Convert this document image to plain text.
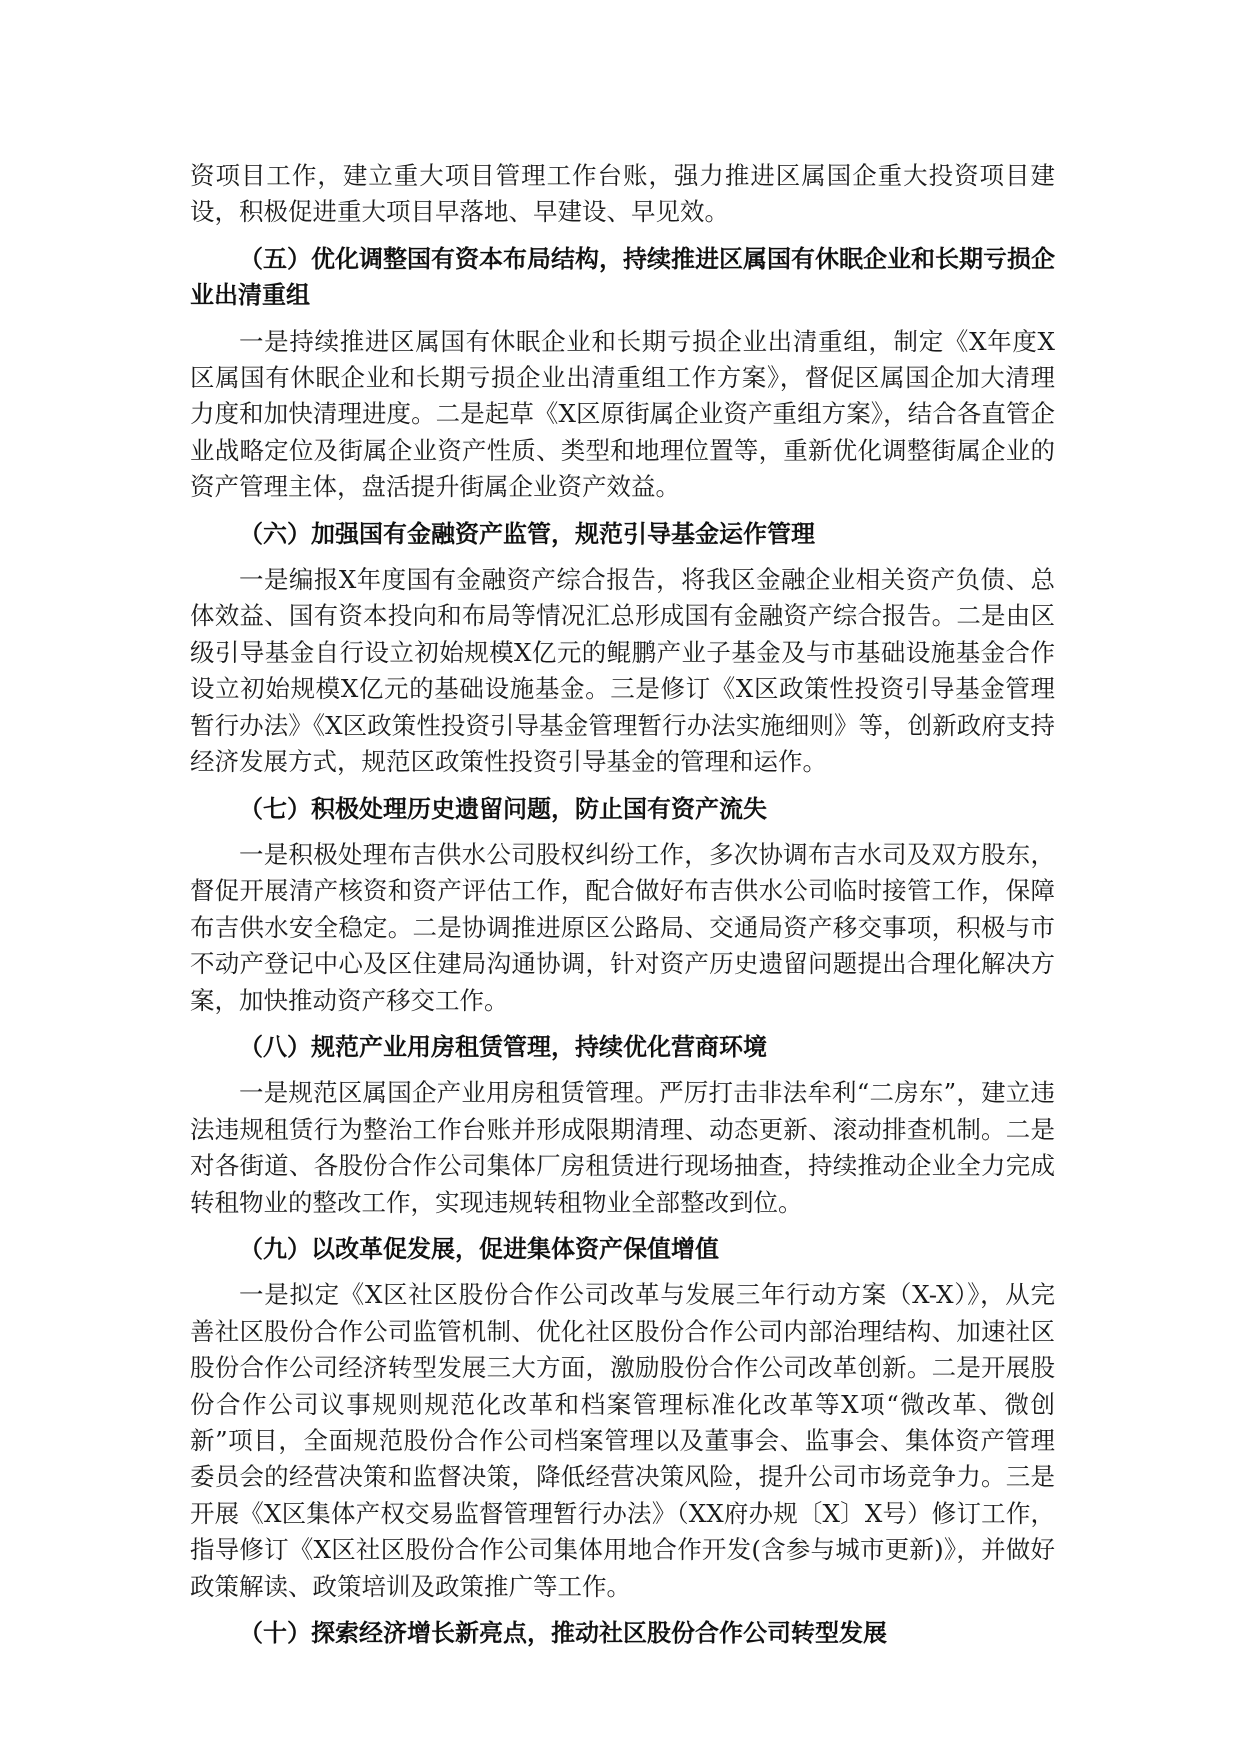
资项目工作，建立重大项目管理工作台账，强力推进区属国企重大投资项目建设，积极促进重大项目早落地、早建设、早见效。

（五）优化调整国有资本布局结构，持续推进区属国有休眠企业和长期亏损企业出清重组

一是持续推进区属国有休眠企业和长期亏损企业出清重组，制定《X年度X区属国有休眠企业和长期亏损企业出清重组工作方案》，督促区属国企加大清理力度和加快清理进度。二是起草《X区原街属企业资产重组方案》，结合各直管企业战略定位及街属企业资产性质、类型和地理位置等，重新优化调整街属企业的资产管理主体，盘活提升街属企业资产效益。

（六）加强国有金融资产监管，规范引导基金运作管理

一是编报X年度国有金融资产综合报告，将我区金融企业相关资产负债、总体效益、国有资本投向和布局等情况汇总形成国有金融资产综合报告。二是由区级引导基金自行设立初始规模X亿元的鲲鹏产业子基金及与市基础设施基金合作设立初始规模X亿元的基础设施基金。三是修订《X区政策性投资引导基金管理暂行办法》《X区政策性投资引导基金管理暂行办法实施细则》等，创新政府支持经济发展方式，规范区政策性投资引导基金的管理和运作。

（七）积极处理历史遗留问题，防止国有资产流失

一是积极处理布吉供水公司股权纠纷工作，多次协调布吉水司及双方股东，督促开展清产核资和资产评估工作，配合做好布吉供水公司临时接管工作，保障布吉供水安全稳定。二是协调推进原区公路局、交通局资产移交事项，积极与市不动产登记中心及区住建局沟通协调，针对资产历史遗留问题提出合理化解决方案，加快推动资产移交工作。

（八）规范产业用房租赁管理，持续优化营商环境

一是规范区属国企产业用房租赁管理。严厉打击非法牟利“二房东”，建立违法违规租赁行为整治工作台账并形成限期清理、动态更新、滚动排查机制。二是对各街道、各股份合作公司集体厂房租赁进行现场抽查，持续推动企业全力完成转租物业的整改工作，实现违规转租物业全部整改到位。

（九）以改革促发展，促进集体资产保值增值

一是拟定《X区社区股份合作公司改革与发展三年行动方案（X-X）》，从完善社区股份合作公司监管机制、优化社区股份合作公司内部治理结构、加速社区股份合作公司经济转型发展三大方面，激励股份合作公司改革创新。二是开展股份合作公司议事规则规范化改革和档案管理标准化改革等X项“微改革、微创新”项目，全面规范股份合作公司档案管理以及董事会、监事会、集体资产管理委员会的经营决策和监督决策，降低经营决策风险，提升公司市场竞争力。三是开展《X区集体产权交易监督管理暂行办法》（XX府办规〔X〕X号）修订工作，指导修订《X区社区股份合作公司集体用地合作开发(含参与城市更新)》，并做好政策解读、政策培训及政策推广等工作。

（十）探索经济增长新亮点，推动社区股份合作公司转型发展
